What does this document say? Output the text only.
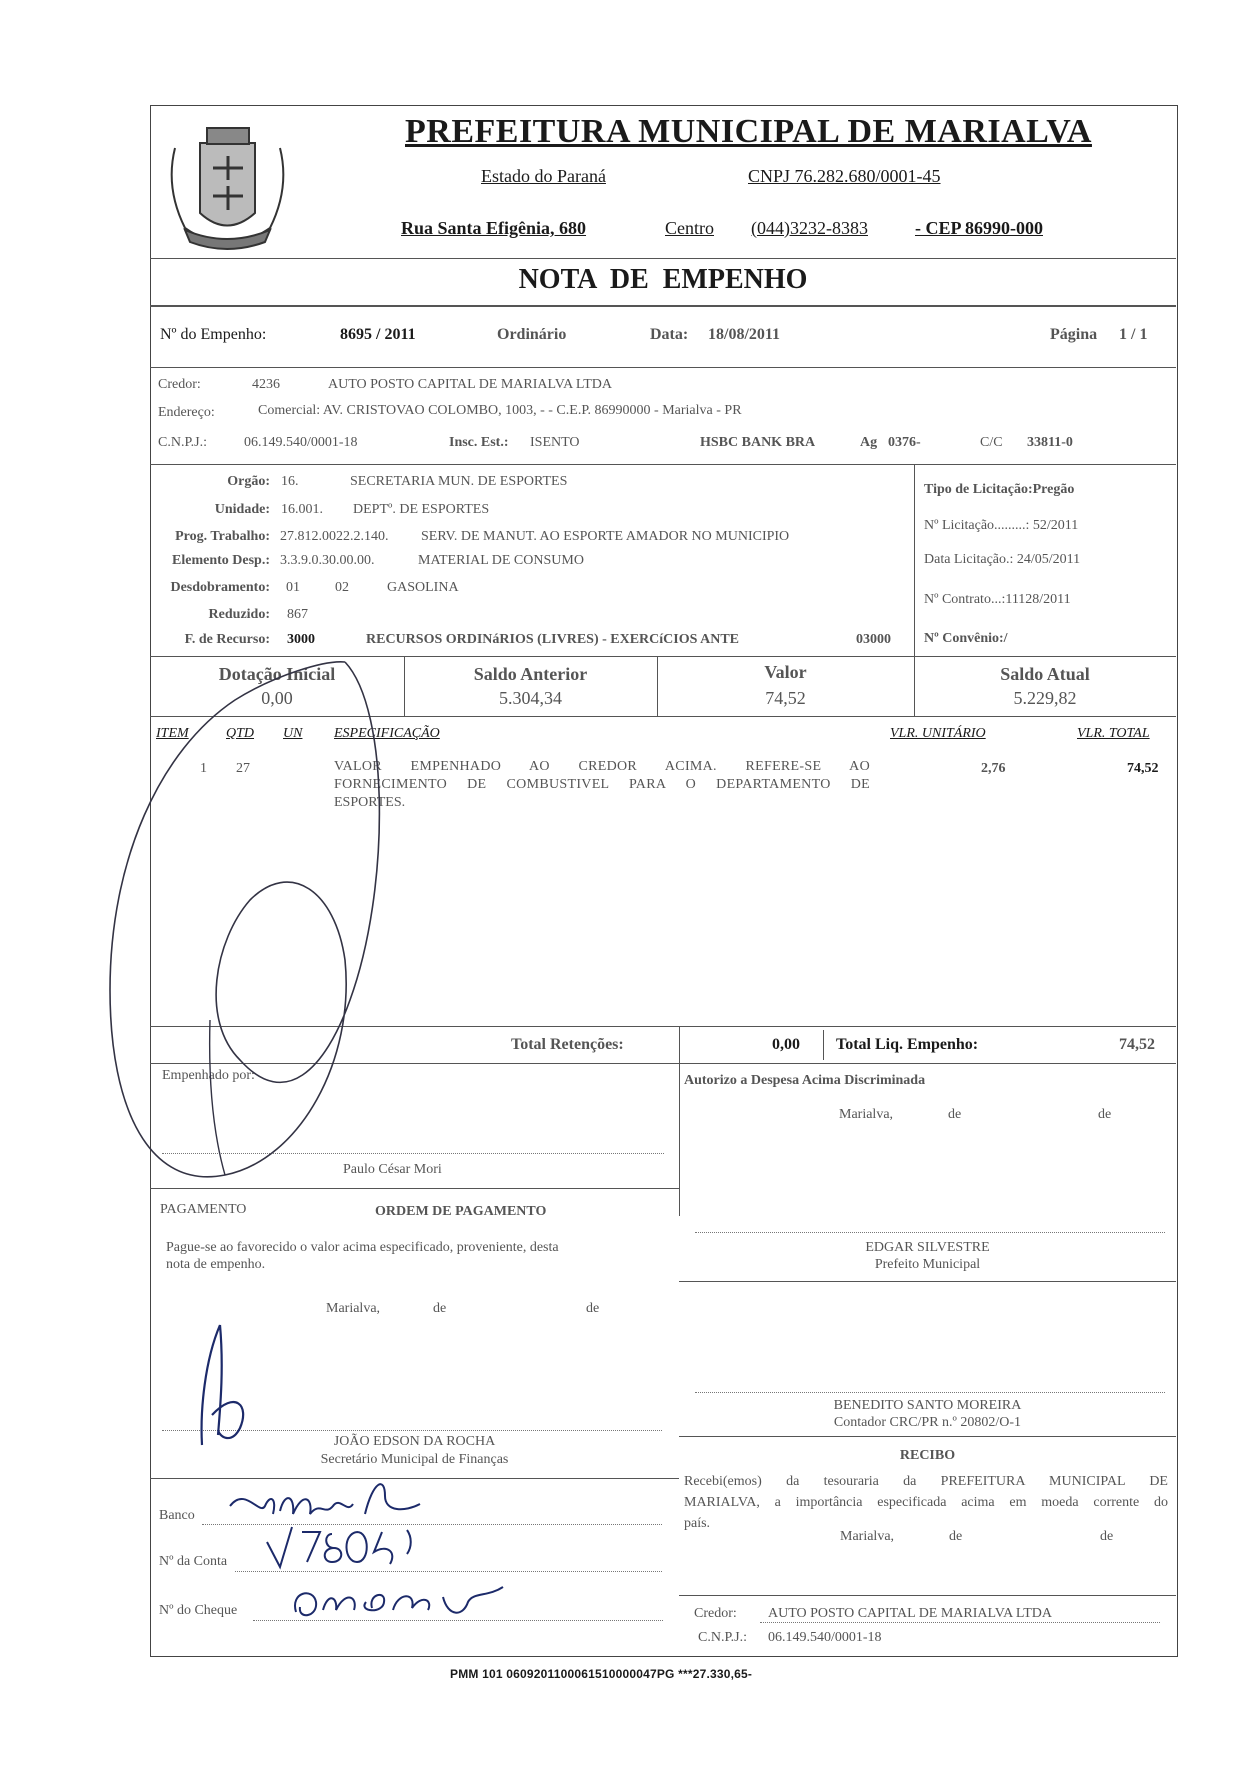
PREFEITURA MUNICIPAL DE MARIALVA
Estado do Paraná	CNPJ 76.282.680/0001-45
Rua Santa Efigênia, 680	Centro (044)3232-8383	- CEP 86990-000
NOTA  DE  EMPENHO
Nº do Empenho:	8695 / 2011	Ordinário	Data: 18/08/2011	Página 1 / 1
Credor:	4236	AUTO POSTO CAPITAL DE MARIALVA LTDA
Endereço:	Comercial: AV. CRISTOVAO COLOMBO, 1003, - - C.E.P. 86990000 - Marialva - PR
C.N.P.J.:	06.149.540/0001-18	Insc. Est.: ISENTO	HSBC BANK BRA	Ag 0376-	C/C 33811-0
Orgão: 16.	SECRETARIA MUN. DE ESPORTES
Unidade: 16.001. DEPTº. DE ESPORTES
Prog. Trabalho: 27.812.0022.2.140. SERV. DE MANUT. AO ESPORTE AMADOR NO MUNICIPIO
Elemento Desp.: 3.3.9.0.30.00.00.	MATERIAL DE CONSUMO
Desdobramento: 01	02	GASOLINA
Reduzido: 867
F. de Recurso: 3000	RECURSOS ORDINáRIOS (LIVRES) - EXERCíCIOS ANTE	03000
Tipo de Licitação:Pregão
Nº Licitação.........: 52/2011
Data Licitação.: 24/05/2011
Nº Contrato...:11128/2011
Nº Convênio:/
Dotação Inicial
0,00
Saldo Anterior
5.304,34
Valor
74,52
Saldo Atual
5.229,82
ITEM	QTD UN ESPECIFICAÇÃO	VLR. UNITÁRIO	VLR. TOTAL
1 27	VALOR EMPENHADO AO CREDOR ACIMA. REFERE-SE AO
FORNECIMENTO DE COMBUSTIVEL PARA O DEPARTAMENTO DE
ESPORTES.
2,76	74,52
Total Retenções:	0,00 Total Liq. Empenho:	74,52
Empenhado por:
Paulo César Mori
Autorizo a Despesa Acima Discriminada
Marialva,	de	de
PAGAMENTO	ORDEM DE PAGAMENTO
EDGAR SILVESTRE
Prefeito Municipal
Pague-se ao favorecido o valor acima especificado, proveniente, desta
nota de empenho.
Marialva,	de	de
BENEDITO SANTO MOREIRA
Contador CRC/PR n.º 20802/O-1
JOÃO EDSON DA ROCHA
Secretário Municipal de Finanças	RECIBO
Recebi(emos) da tesouraria da PREFEITURA MUNICIPAL DE
MARIALVA, a importância especificada acima em moeda corrente do
país.
Marialva,	de	de
Banco
Nº da Conta
Nº do Cheque	Credor: AUTO POSTO CAPITAL DE MARIALVA LTDA
C.N.P.J.: 06.149.540/0001-18
PMM 101 0609201100061510000047PG ***27.330,65-
